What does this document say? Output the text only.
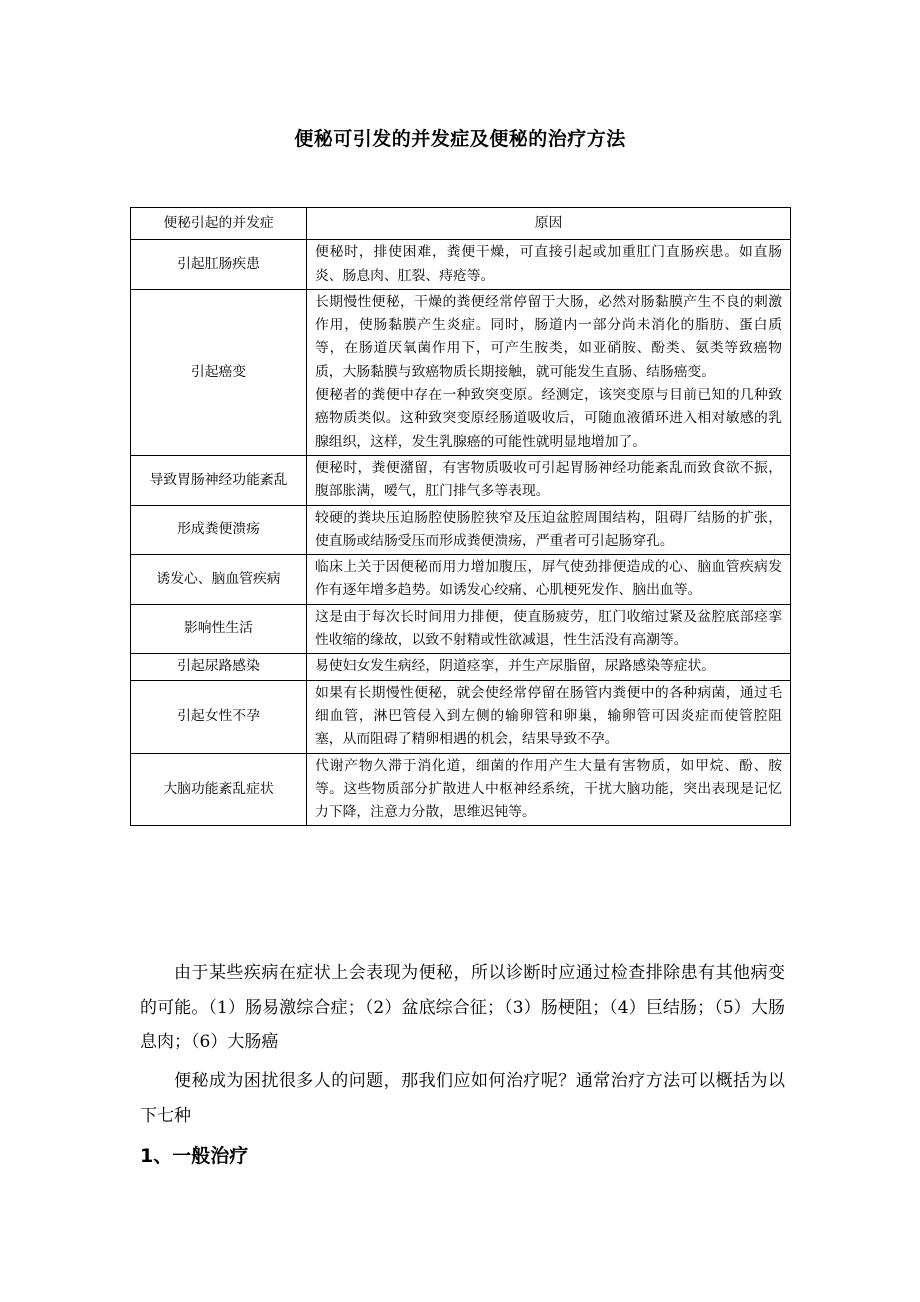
便秘可引发的并发症及便秘的治疗方法
便秘引起的并发症	原因
引起肛肠疾患	便秘时，排使困难，粪便干燥，可直接引起或加重肛门直肠疾患。如直肠炎、肠息肉、肛裂、痔疮等。

引起癌变	长期慢性便秘，干燥的粪便经常停留于大肠，必然对肠黏膜产生不良的刺激作用，使肠黏膜产生炎症。同时，肠道内一部分尚未消化的脂肪、蛋白质等，在肠道厌氧菌作用下，可产生胺类，如亚硝胺、酚类、氨类等致癌物质，大肠黏膜与致癌物质长期接触，就可能发生直肠、结肠癌变。
便秘者的粪便中存在一种致突变原。经测定，该突变原与目前已知的几种致癌物质类似。这种致突变原经肠道吸收后，可随血液循环进入相对敏感的乳腺组织，这样，发生乳腺癌的可能性就明显地增加了。

导致胃肠神经功能紊乱	便秘时，粪便潴留，有害物质吸收可引起胃肠神经功能紊乱而致食欲不振，腹部胀满，嗳气，肛门排气多等表现。

形成粪便溃疡	较硬的粪块压迫肠腔使肠腔狭窄及压迫盆腔周围结构，阻碍厂结肠的扩张，使直肠或结肠受压而形成粪便溃疡，严重者可引起肠穿孔。

诱发心、脑血管疾病	临床上关于因便秘而用力增加腹压，屏气使劲排便造成的心、脑血管疾病发作有逐年增多趋势。如诱发心绞痛、心肌梗死发作、脑出血等。

影响性生活	这是由于每次长时间用力排便，使直肠疲劳，肛门收缩过紧及盆腔底部痉挛性收缩的缘故，以致不射精或性欲减退，性生活没有高潮等。

引起尿路感染	易使妇女发生病经，阴道痉挛，并生产尿脂留，尿路感染等症状。

引起女性不孕	如果有长期慢性便秘，就会使经常停留在肠管内粪便中的各种病菌，通过毛细血管，淋巴管侵入到左侧的输卵管和卵巢，输卵管可因炎症而使管腔阻塞，从而阻碍了精卵相遇的机会，结果导致不孕。

大脑功能紊乱症状	代谢产物久滞于消化道，细菌的作用产生大量有害物质，如甲烷、酚、胺等。这些物质部分扩散进人中枢神经系统，干扰大脑功能，突出表现是记忆力下降，注意力分散，思维迟钝等。
由于某些疾病在症状上会表现为便秘，所以诊断时应通过检查排除患有其他病变的可能。（1）肠易激综合症；（2）盆底综合征；（3）肠梗阻；（4）巨结肠；（5）大肠息肉；（6）大肠癌
便秘成为困扰很多人的问题，那我们应如何治疗呢？通常治疗方法可以概括为以下七种
1、一般治疗
